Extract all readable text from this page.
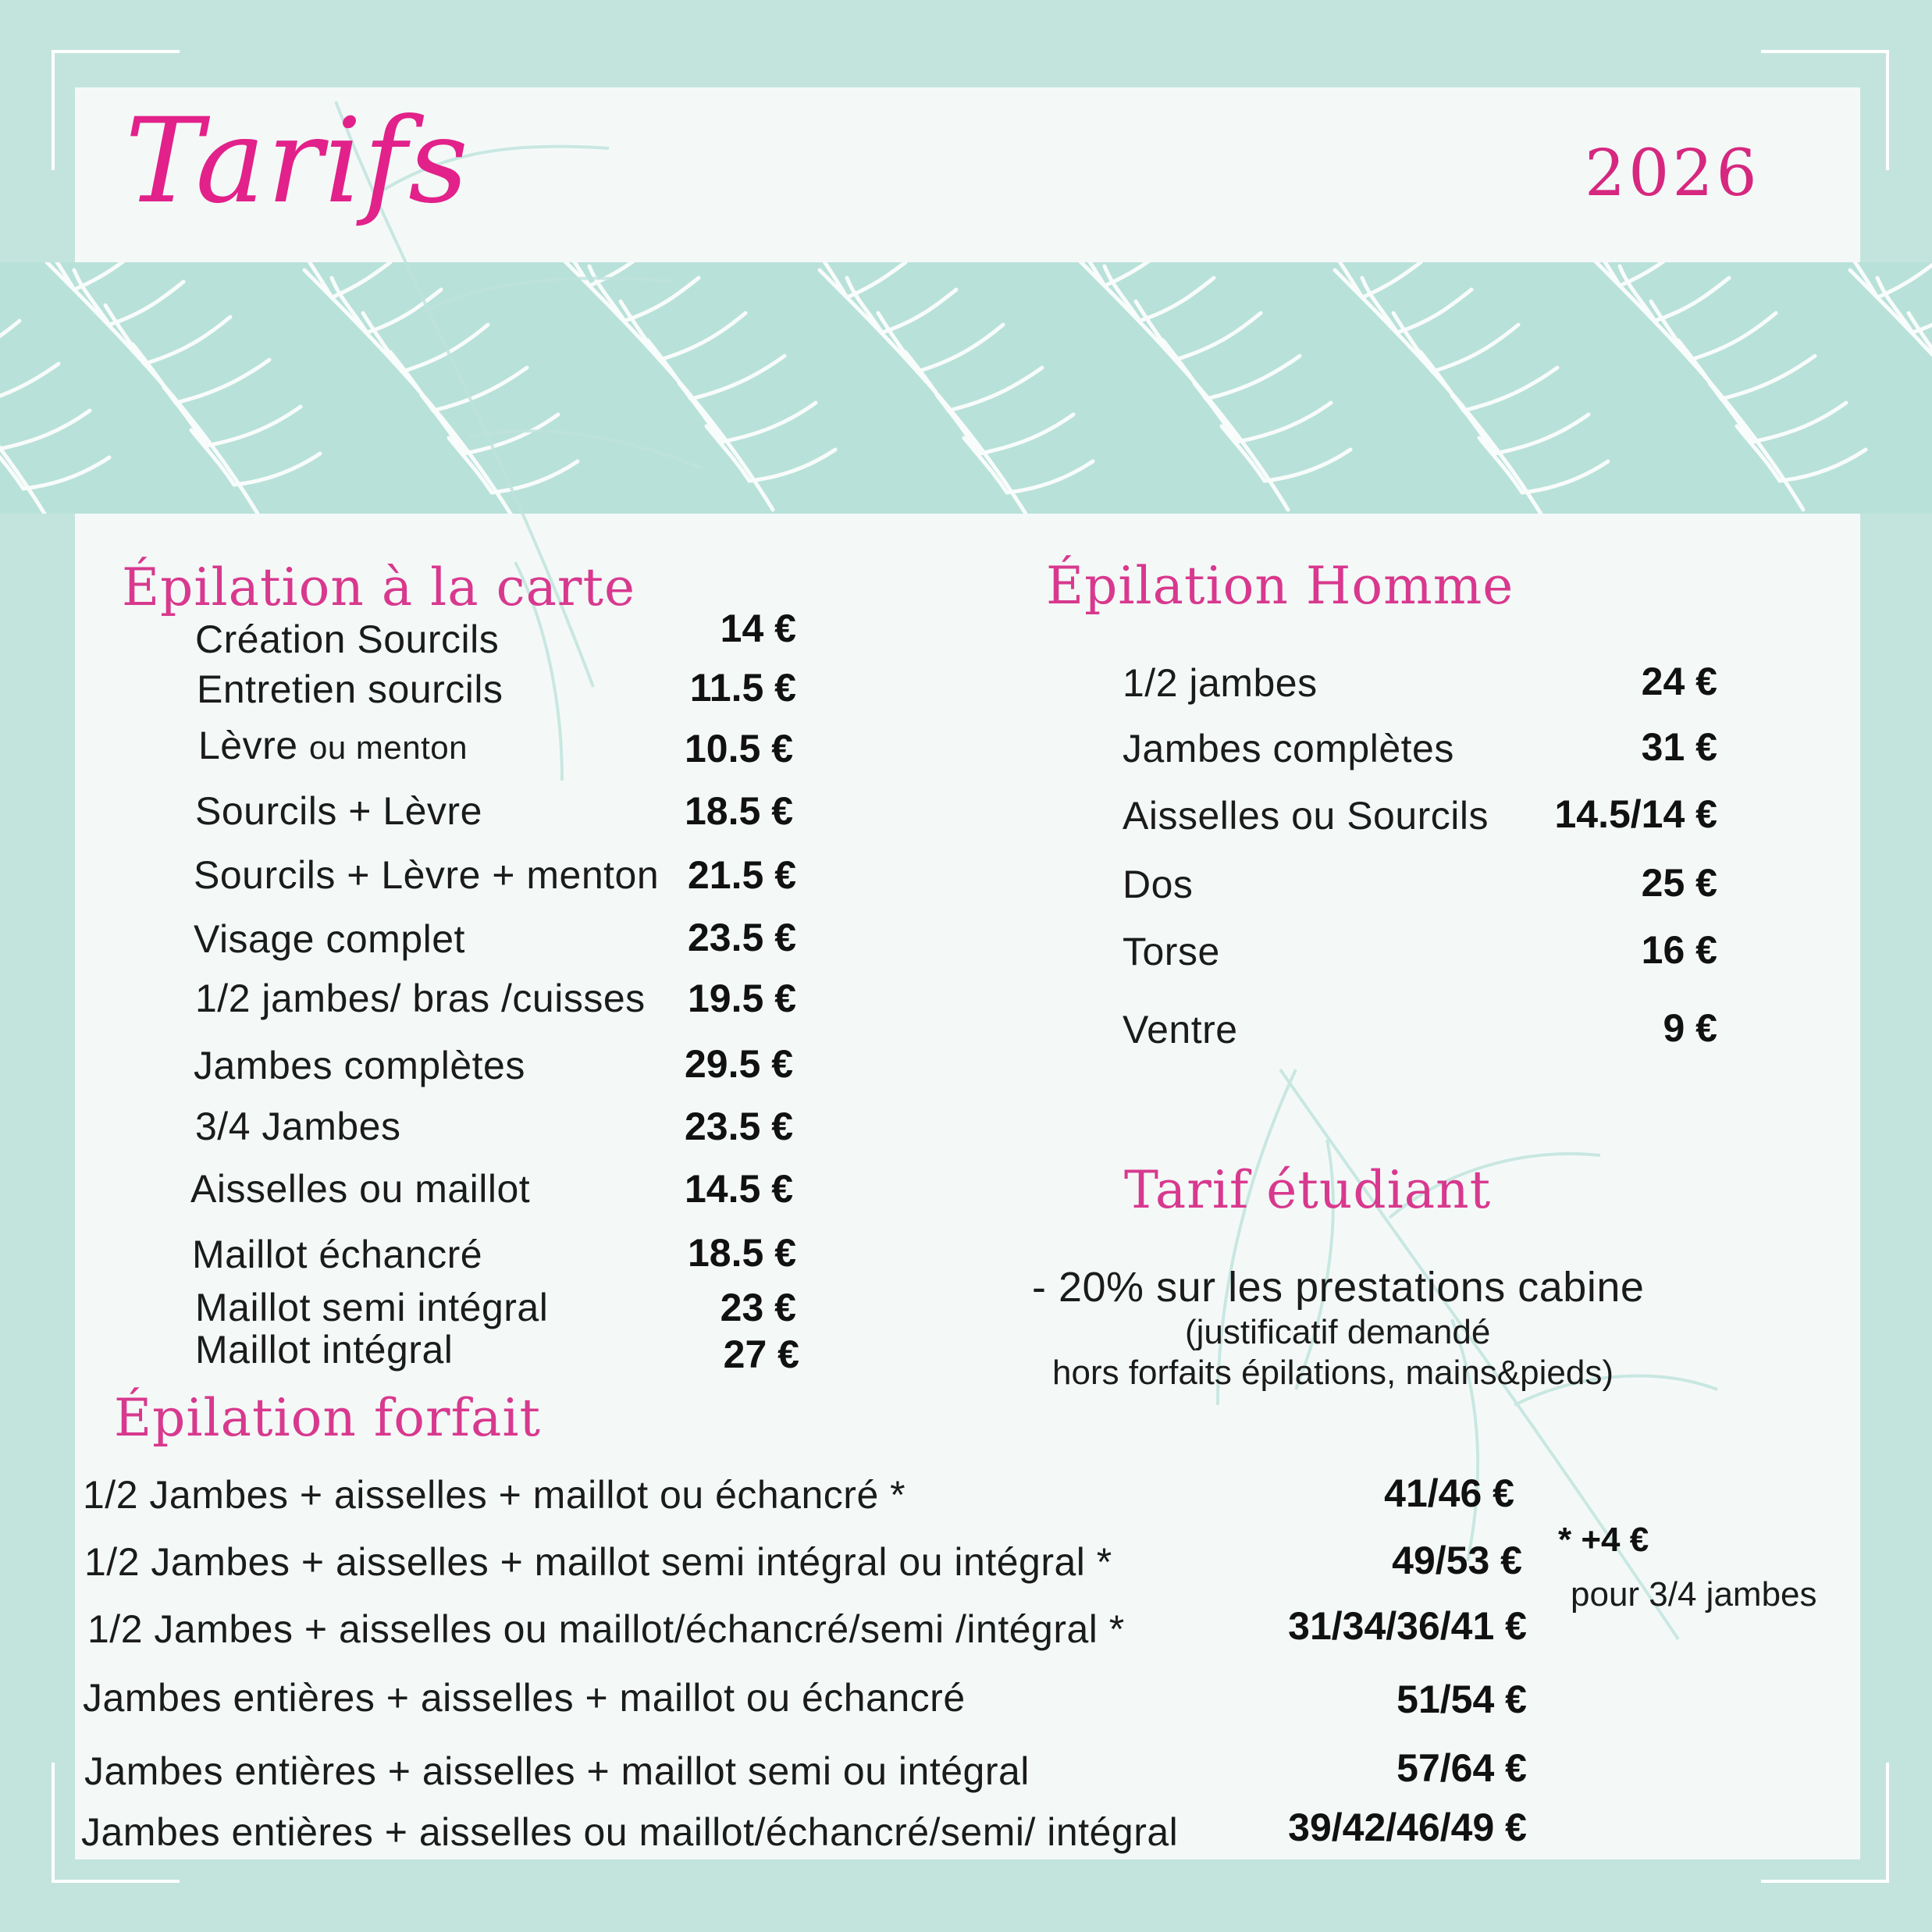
Tarifs	2026
Épilation à la carte
Création Sourcils	14 €
Entretien sourcils	11.5 €
Lèvre ou menton	10.5 €
Sourcils + Lèvre	18.5 €
Sourcils + Lèvre + menton 21.5 €
Visage complet	23.5 €
1/2 jambes/ bras /cuisses	19.5 €
Jambes complètes	29.5 €
3/4 Jambes	23.5 €
Aisselles ou maillot	14.5 €
Maillot échancré	18.5 €
Maillot semi intégral	23 €
Maillot intégral	27 €
Épilation Homme
1/2 jambes	24 €
Jambes complètes	31 €
Aisselles ou Sourcils	14.5/14 €
Dos	25 €
Torse	16 €
Ventre	9 €
Tarif étudiant
- 20% sur les prestations cabine
(justificatif demandé
hors forfaits épilations, mains&pieds)
Épilation forfait
1/2 Jambes + aisselles + maillot ou échancré *	41/46 €
1/2 Jambes + aisselles + maillot semi intégral ou intégral *	49/53 €
1/2 Jambes + aisselles ou maillot/échancré/semi /intégral *	31/34/36/41 €
Jambes entières + aisselles + maillot ou échancré	51/54 €
Jambes entières + aisselles + maillot semi ou intégral	57/64 €
Jambes entières + aisselles ou maillot/échancré/semi/ intégral	39/42/46/49 €
* +4 €
pour 3/4 jambes
